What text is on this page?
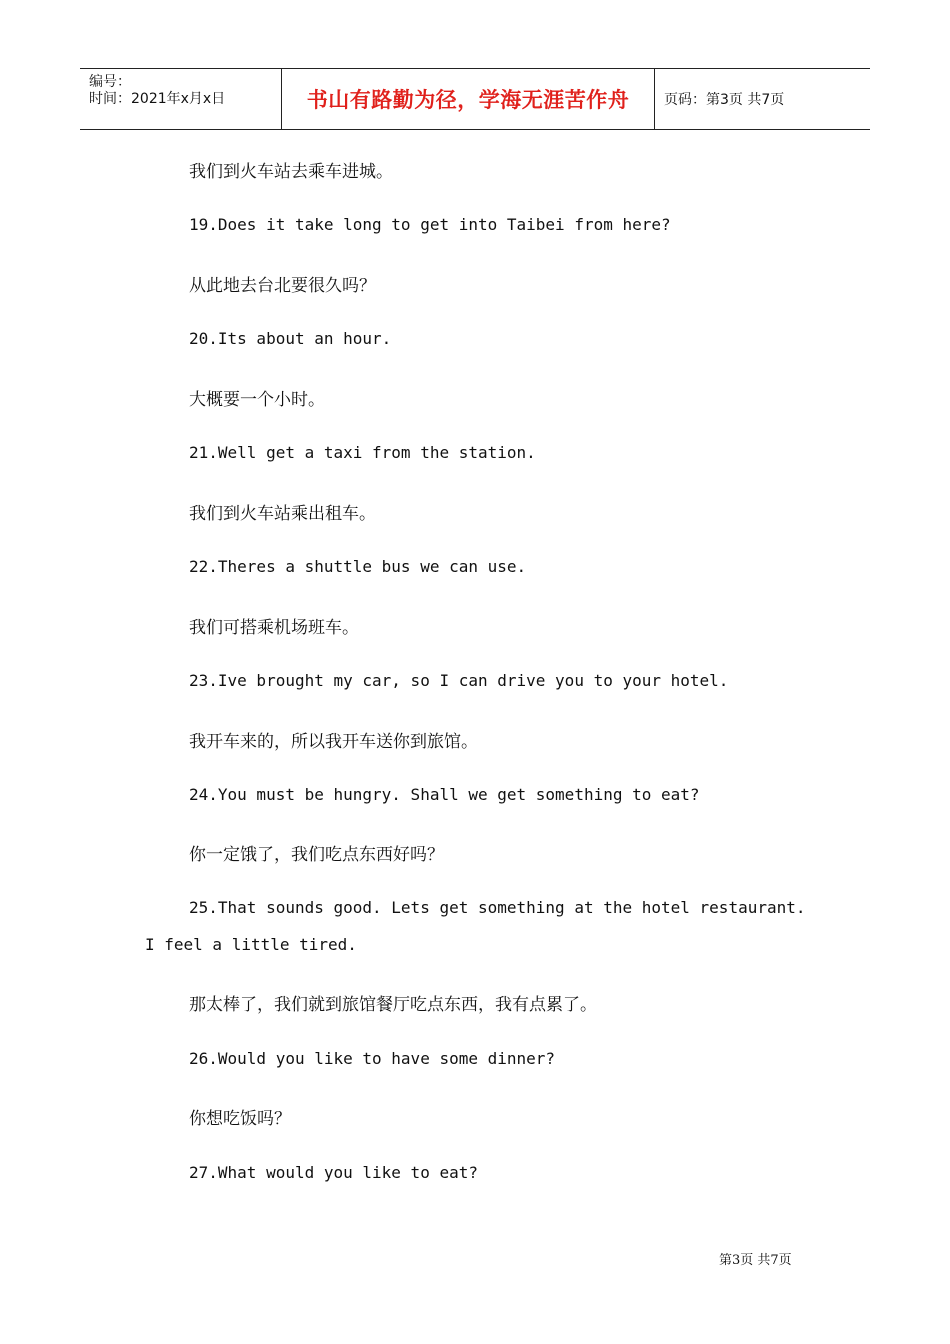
编号：
时间：2021年x月x日	书山有路勤为径，学海无涯苦作舟 页码：第3页 共7页
我们到火车站去乘车进城。
19.Does it take long to get into Taibei from here?
从此地去台北要很久吗？
20.Its about an hour.
大概要一个小时。
21.Well get a taxi from the station.
我们到火车站乘出租车。
22.Theres a shuttle bus we can use.
我们可搭乘机场班车。
23.Ive brought my car, so I can drive you to your hotel.
我开车来的，所以我开车送你到旅馆。
24.You must be hungry. Shall we get something to eat?
你一定饿了，我们吃点东西好吗？
25.That sounds good. Lets get something at the hotel restaurant.
I feel a little tired.
那太棒了，我们就到旅馆餐厅吃点东西，我有点累了。
26.Would you like to have some dinner?
你想吃饭吗？
27.What would you like to eat?
第3页 共7页
